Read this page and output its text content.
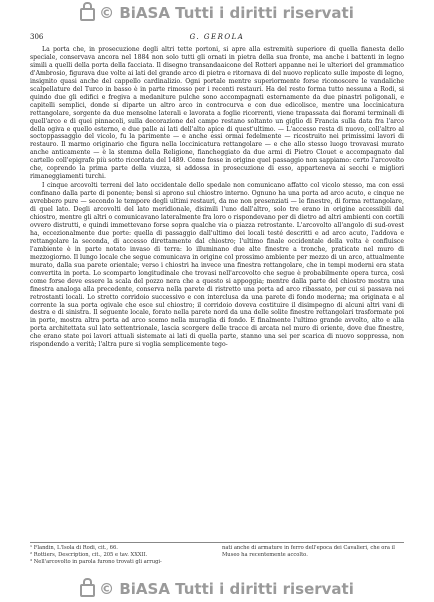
© BiASA Tutti i diritti riservati
306	G. GEROLA

La porta che, in prosecuzione degli altri tette portoni, si apre alla estremità superiore di quella fianesta dello speciale, conservava ancora nel 1884 non solo tutti gli ornati in pietra della sua fronte, ma anche i battenti in legno simili a quelli della porta della facciata. Il disegno transandaaicone del Rotteri appanne nei le ulteriori del grammatico d'Ambrosio, figurava due volte ai lati del grande arco di pietra e ritornava di del nuovo replicato sulle imposte di legno, insignito quasi anche del cappello cardinalizio. Ogni portale mentre superiormente forse riconoscere le vandaliche scalpellature del Turco in basso è in parte rimosso per i recenti restauri. Ha del resto forma tutto nessuna a Rodi, si quindo due gli edifici e fregiva a medaniture pulche sono accompagnati esternamente da due pinastri poligonali, e capitelli semplici, donde si diparte un altro arco in controcurva e con due edicolisce, mentre una loccinicatura rettangolare, sorgente da due mensolne laterali e lavorata a foglie ricorrenti, viene trapassata dai fiorami terminali di quell'arco e di quei pinnacoli, sulla decorazione del campo restano soltanto un giglio di Francia sulla data fra l'arco della ogiva e quello esterno, e due palle ai lati dell'alto apice di quest'ultimo. — L'accesso resta di nuovo, coll'altro al soctoppassaggio del vicolo, fu la parimente — e anche essi ormai fedelmente — ricostruito nei primissimi lavori di restauro. Il marmo originario che figura nella loccinicatura rettangolare — e che allo stesso luogo trovavasi murato anche anticamente — è la stemma della Religione, fiancheggiato da due armi di Pietro Clouet e accompagnato dal cartello coll'epigrafe più sotto ricordata del 1489. Come fosse in origine quel passaggio non sappiamo: certo l'arcovolto che, coprendo la prima parte della viuzza, si addossa in prosecuzione di esso, apparteneva ai secchi e migliori rimaneggiamenti turchi.

I cinque arcovolti terreni del lato occidentale dello spedale non comunicano affatto col vicolo stesso, ma con essi confinano dalla parte di ponente; bensì si aprono sul chiostro interno. Ognuno ha una porta ad arco acuto, e cinque ne avrebbero pure — secondo le tempore degli ultimi restauri, da me non presenziati — le finestre, di forma rettangolare, di quel lato. Degli arcovolti del lato meridionale, disimili l'uno dall'altro, solo tre erano in origine accessibili dal chiostro, mentre gli altri o comunicavano lateralmente fra loro o rispondevano per di dietro ad altri ambienti con cortili ovvero distrutti, e quindi immettevano forse sopra qualche via o piazza retrostante. L'arcovolto all'angolo di sud-ovest ha, eccezionalmente due porte: quella di passaggio dall'ultimo dei locali testé descritti e ad arco acuto, l'addova e rettangolare la seconda, di accesso direttamente dal chiostro; l'ultimo finale occidentale della volta è confluisce l'ambiente è in parte notato invaso di terra: lo illuminano due alte finestre a tronche, praticate nel muro di mezzogiorno. Il lungo locale che segue comunicava in origine col prossimo ambiente per mezzo di un arco, attualmente murato, dalla sua parete orientale; verso i chiostri ha invece una finestra rettangolare, che in tempi moderni era stata convertita in porta. Lo scomparto longitudinale che trovasi nell'arcovolto che segue è probabilmente opera turca, così come forse deve essere la scala del pozzo nera che a questo si appoggia; mentre dalla parte del chiostro mostra una finestra analoga alla precedente, conserva nella parete di ristretto una porta ad arco ribassato, per cui si passava nei retrostanti locali. Lo stretto corridoio successivo e con interclusa da una parete di fondo moderna; ma originata e al corrente la sua porta ogivale che esce sul chiostro; il corridoio doveva costituire il disimpegno di alcuni altri vani di destra e di sinistra. Il seguente locale, forato nella parete nord da una delle solite finestre rettangolari trasformate poi in porte, mostra altra porta ad arco scemo nella muraglia di fondo. E finalmente l'ultimo grande avvolto, alto e alla porta architettata sul lato settentrionale, lascia scorgere delle tracce di arcata nel muro di oriente, dove due finestre, che erano state poi lavori attuali sistemate ai lati di quella parte, stanno una sei per scarica di nuovo soppressa, non rispondendo a verità; l'altra pure si voglia semplicemente tego-

¹ Flandin, L'Isola di Rodi, cit., 66.

² Rottiers, Description, cit., 205 e tav. XXXII.

³ Nell'arcovolto in parola furono trovati gli arrugi-

nati anche di armature in ferro dell'epoca dei Cavalieri, che ora il Museo ha recentemente accolto.

© BiASA Tutti i diritti riservati
